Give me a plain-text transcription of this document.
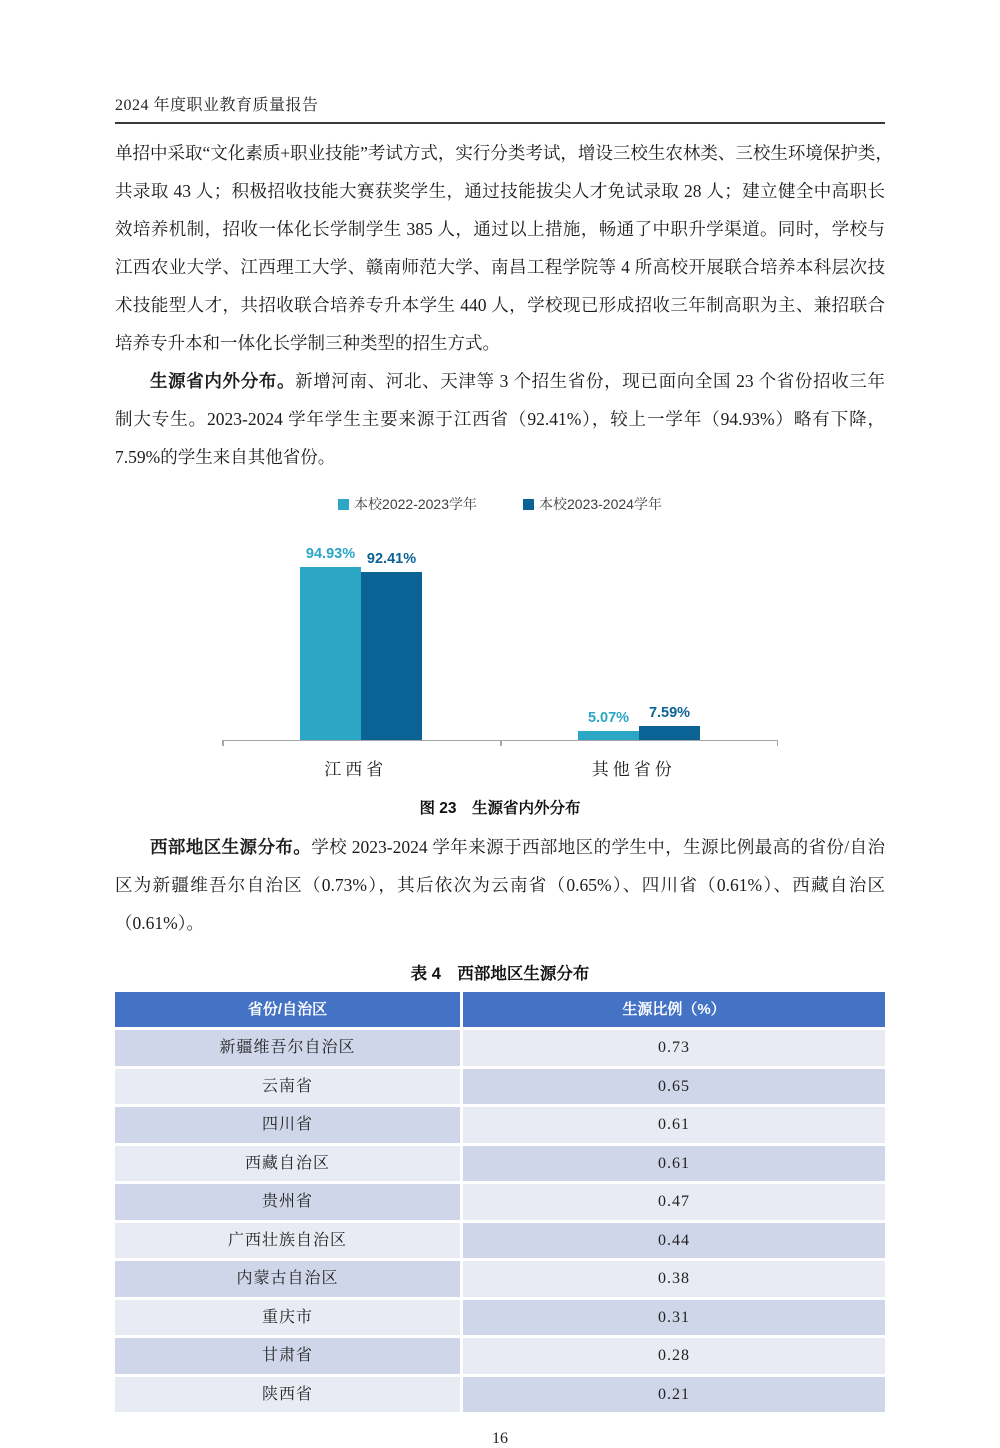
2024 年度职业教育质量报告
单招中采取“文化素质+职业技能”考试方式，实行分类考试，增设三校生农林类、三校生环境保护类，
共录取 43 人；积极招收技能大赛获奖学生，通过技能拔尖人才免试录取 28 人；建立健全中高职长
效培养机制，招收一体化长学制学生 385 人，通过以上措施，畅通了中职升学渠道。同时，学校与
江西农业大学、江西理工大学、赣南师范大学、南昌工程学院等 4 所高校开展联合培养本科层次技
术技能型人才，共招收联合培养专升本学生 440 人，学校现已形成招收三年制高职为主、兼招联合
培养专升本和一体化长学制三种类型的招生方式。
生源省内外分布。新增河南、河北、天津等 3 个招生省份，现已面向全国 23 个省份招收三年
制大专生。2023-2024 学年学生主要来源于江西省（92.41%），较上一学年（94.93%）略有下降，
7.59%的学生来自其他省份。
本校2022-2023学年	本校2023-2024学年
94.93% 92.41%
5.07% 7.59%
江西省	其他省份
图 23　生源省内外分布
西部地区生源分布。学校 2023-2024 学年来源于西部地区的学生中，生源比例最高的省份/自治
区为新疆维吾尔自治区（0.73%），其后依次为云南省（0.65%）、四川省（0.61%）、西藏自治区
（0.61%）。
表 4　西部地区生源分布
省份/自治区	生源比例（%）
新疆维吾尔自治区	0.73
云南省	0.65
四川省	0.61
西藏自治区	0.61
贵州省	0.47
广西壮族自治区	0.44
内蒙古自治区	0.38
重庆市	0.31
甘肃省	0.28
陕西省	0.21
16
